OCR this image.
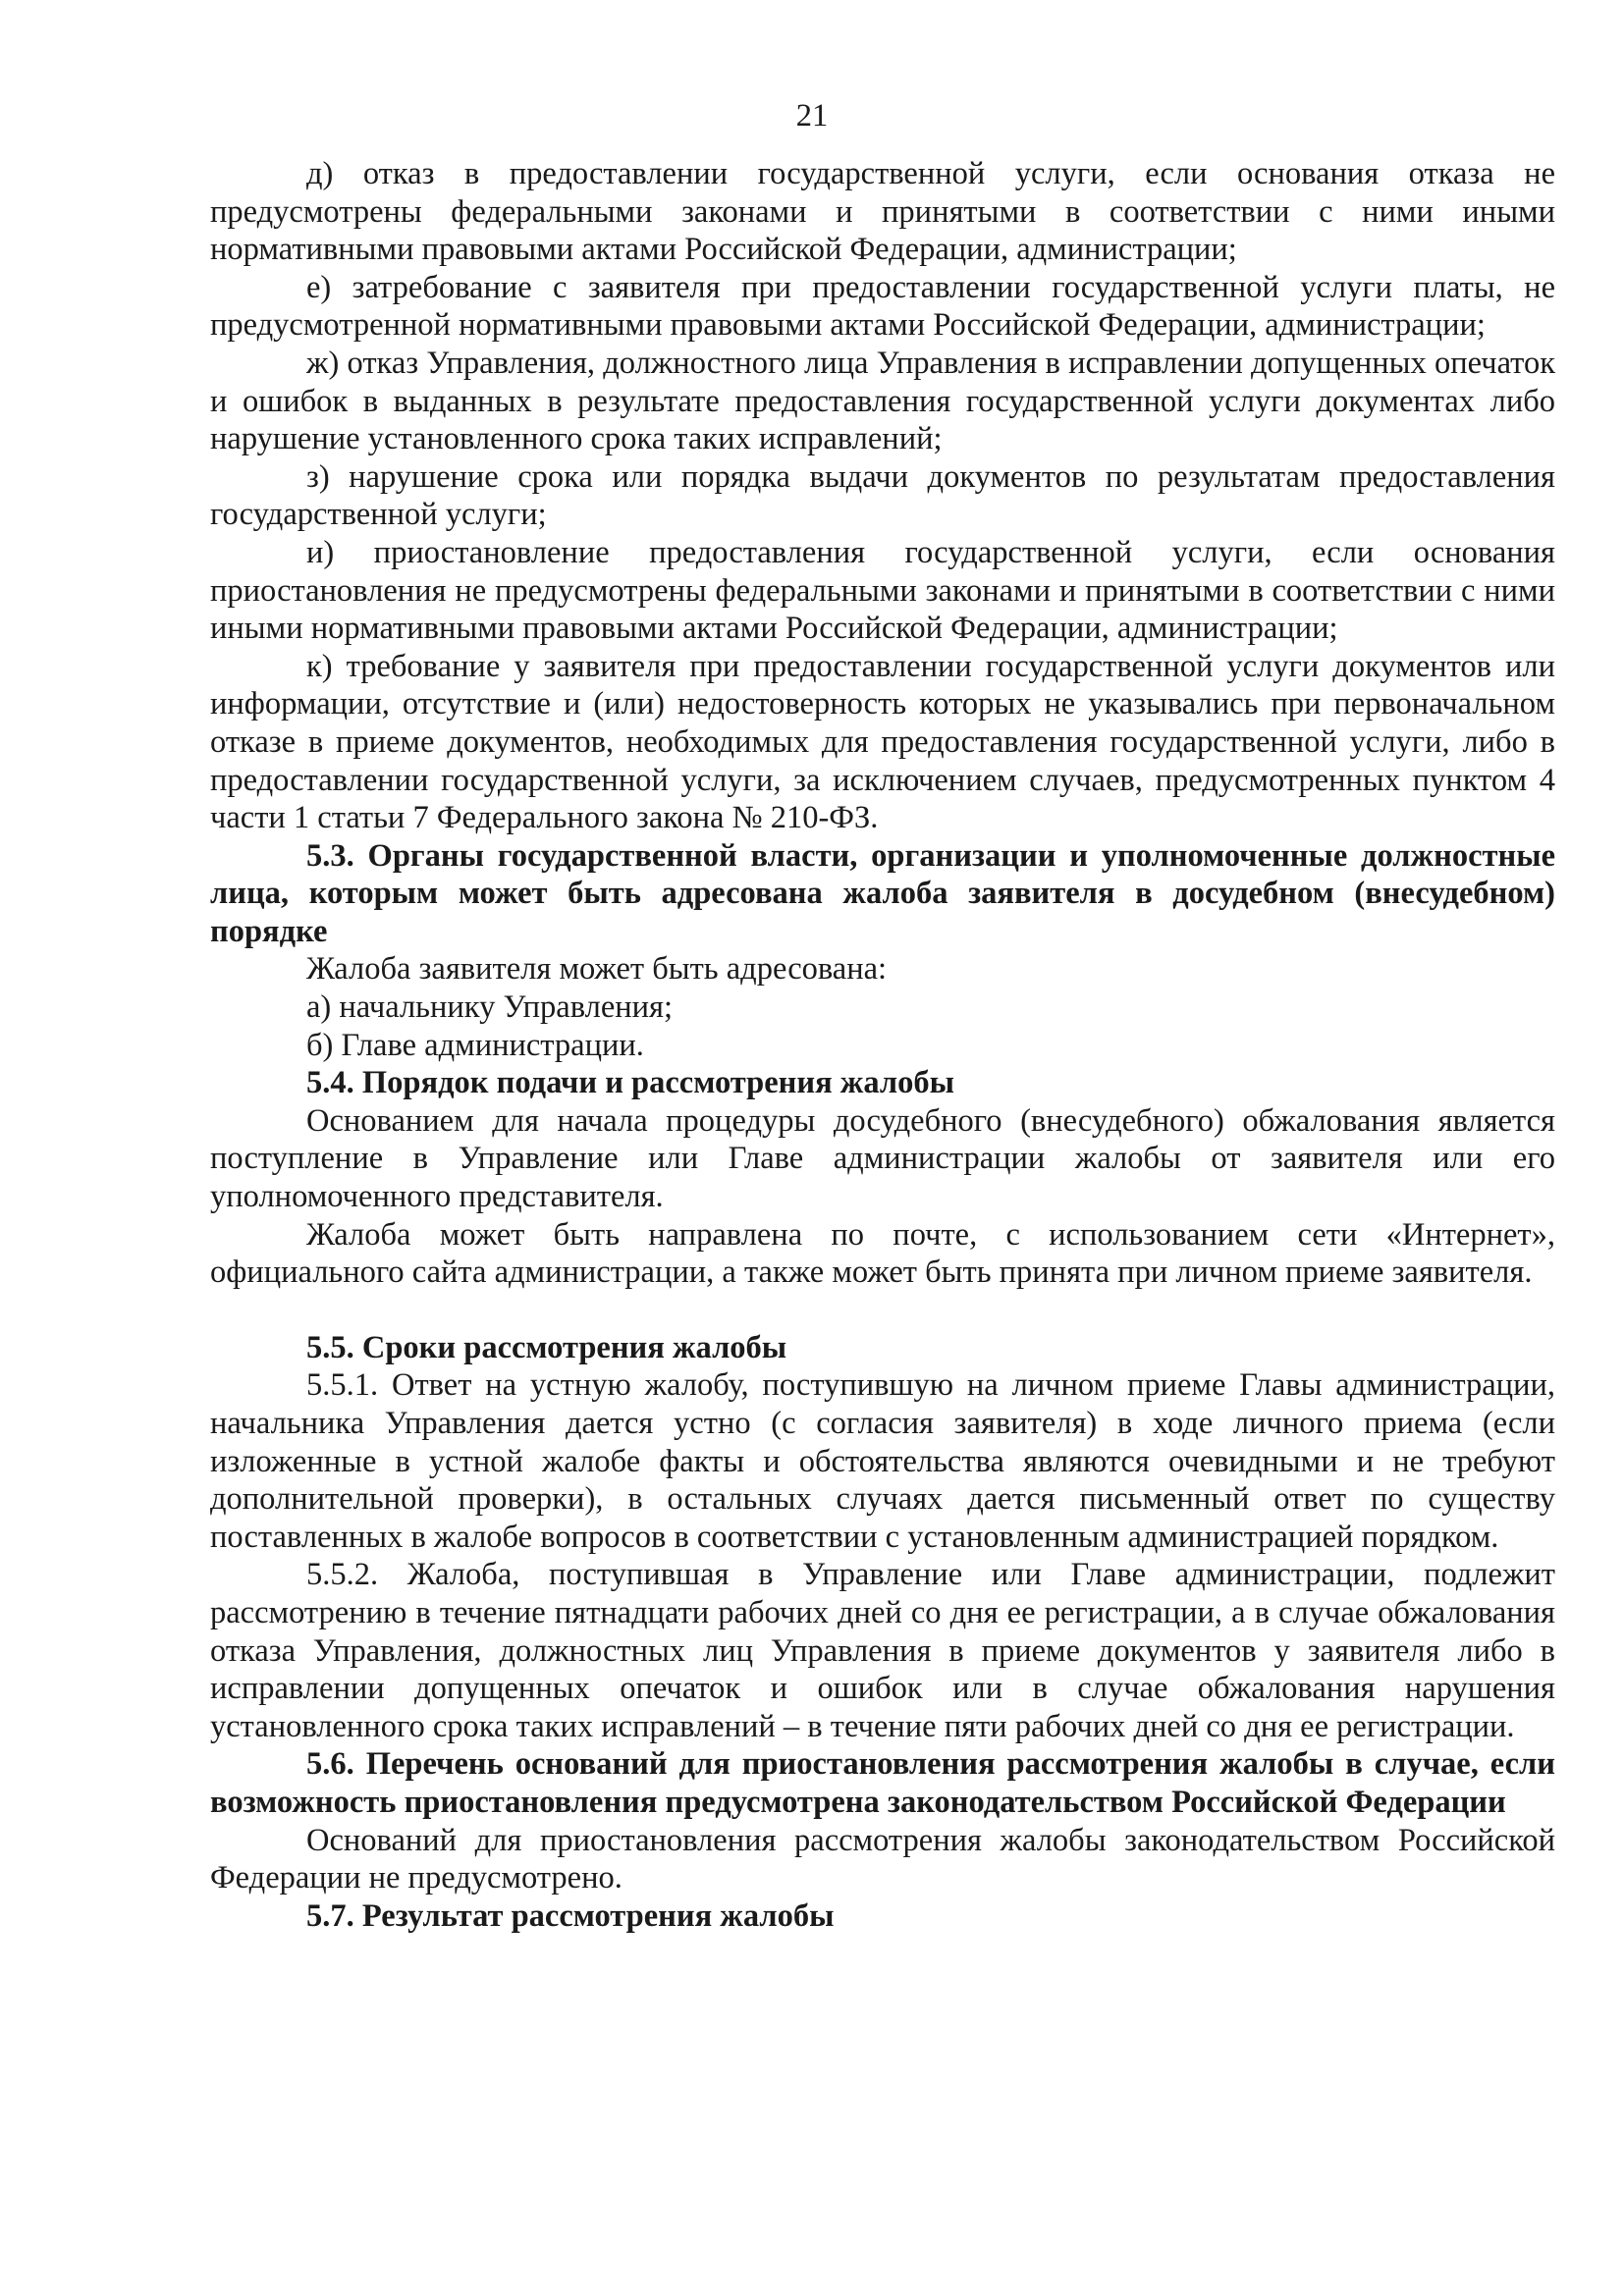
21

д) отказ в предоставлении государственной услуги, если основания отказа не предусмотрены федеральными законами и принятыми в соответствии с ними иными нормативными правовыми актами Российской Федерации, администрации;

е) затребование с заявителя при предоставлении государственной услуги платы, не предусмотренной нормативными правовыми актами Российской Федерации, администрации;

ж) отказ Управления, должностного лица Управления в исправлении допущенных опечаток и ошибок в выданных в результате предоставления государственной услуги документах либо нарушение установленного срока таких исправлений;

з) нарушение срока или порядка выдачи документов по результатам предоставления государственной услуги;

и) приостановление предоставления государственной услуги, если основания приостановления не предусмотрены федеральными законами и принятыми в соответствии с ними иными нормативными правовыми актами Российской Федерации, администрации;

к) требование у заявителя при предоставлении государственной услуги документов или информации, отсутствие и (или) недостоверность которых не указывались при первоначальном отказе в приеме документов, необходимых для предоставления государственной услуги, либо в предоставлении государственной услуги, за исключением случаев, предусмотренных пунктом 4 части 1 статьи 7 Федерального закона № 210-ФЗ.

5.3. Органы государственной власти, организации и уполномоченные должностные лица, которым может быть адресована жалоба заявителя в досудебном (внесудебном) порядке

Жалоба заявителя может быть адресована:

а) начальнику Управления;

б) Главе администрации.

5.4. Порядок подачи и рассмотрения жалобы

Основанием для начала процедуры досудебного (внесудебного) обжалования является поступление в Управление или Главе администрации жалобы от заявителя или его уполномоченного представителя.

Жалоба может быть направлена по почте, с использованием сети «Интернет», официального сайта администрации, а также может быть принята при личном приеме заявителя.

5.5. Сроки рассмотрения жалобы

5.5.1. Ответ на устную жалобу, поступившую на личном приеме Главы администрации, начальника Управления дается устно (с согласия заявителя) в ходе личного приема (если изложенные в устной жалобе факты и обстоятельства являются очевидными и не требуют дополнительной проверки), в остальных случаях дается письменный ответ по существу поставленных в жалобе вопросов в соответствии с установленным администрацией порядком.

5.5.2. Жалоба, поступившая в Управление или Главе администрации, подлежит рассмотрению в течение пятнадцати рабочих дней со дня ее регистрации, а в случае обжалования отказа Управления, должностных лиц Управления в приеме документов у заявителя либо в исправлении допущенных опечаток и ошибок или в случае обжалования нарушения установленного срока таких исправлений – в течение пяти рабочих дней со дня ее регистрации.

5.6. Перечень оснований для приостановления рассмотрения жалобы в случае, если возможность приостановления предусмотрена законодательством Российской Федерации

Оснований для приостановления рассмотрения жалобы законодательством Российской Федерации не предусмотрено.

5.7. Результат рассмотрения жалобы
